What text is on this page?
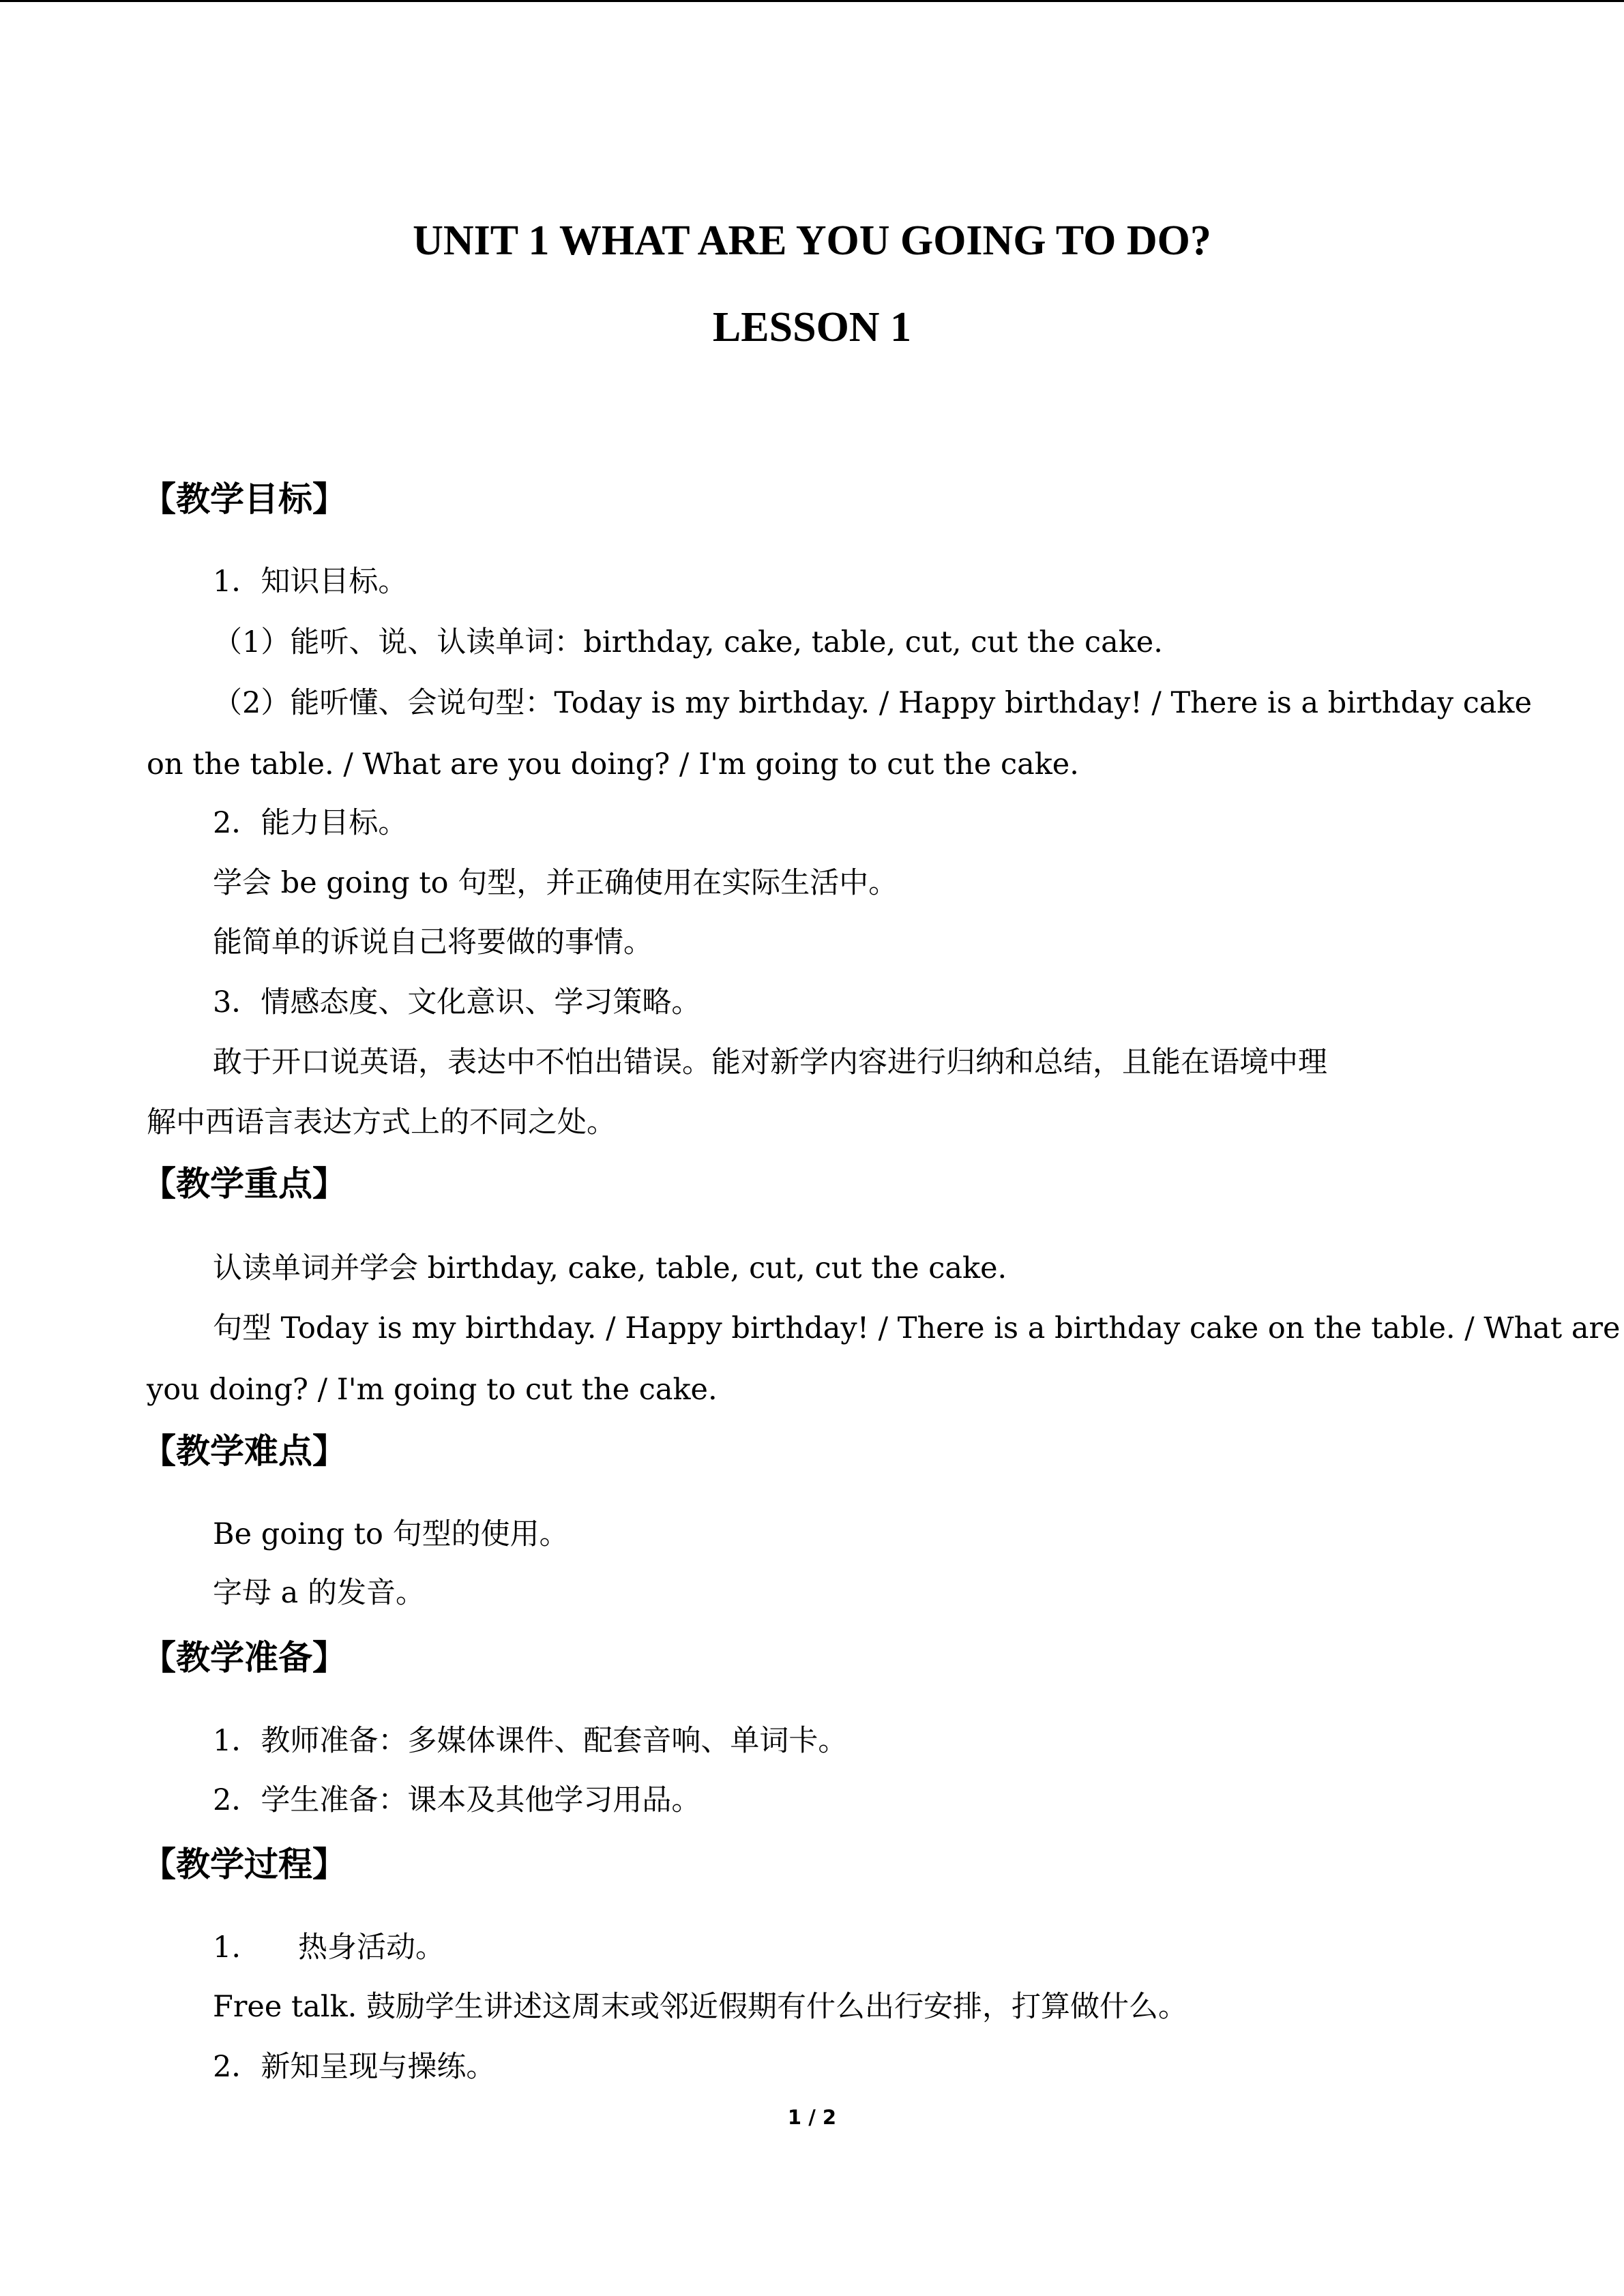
UNIT 1 WHAT ARE YOU GOING TO DO?
LESSON 1
【教学目标】
1．知识目标。
（1）能听、说、认读单词：birthday, cake, table, cut, cut the cake.
（2）能听懂、会说句型：Today is my birthday. / Happy birthday! / There is a birthday cake
on the table. / What are you doing? / I'm going to cut the cake.
2．能力目标。
学会 be going to 句型，并正确使用在实际生活中。
能简单的诉说自己将要做的事情。
3．情感态度、文化意识、学习策略。
敢于开口说英语，表达中不怕出错误。能对新学内容进行归纳和总结，且能在语境中理
解中西语言表达方式上的不同之处。
【教学重点】
认读单词并学会 birthday, cake, table, cut, cut the cake.
句型 Today is my birthday. / Happy birthday! / There is a birthday cake on the table. / What are
you doing? / I'm going to cut the cake.
【教学难点】
Be going to 句型的使用。
字母 a 的发音。
【教学准备】
1．教师准备：多媒体课件、配套音响、单词卡。
2．学生准备：课本及其他学习用品。
【教学过程】
1. 热身活动。
Free talk. 鼓励学生讲述这周末或邻近假期有什么出行安排，打算做什么。
2．新知呈现与操练。
1 / 2
